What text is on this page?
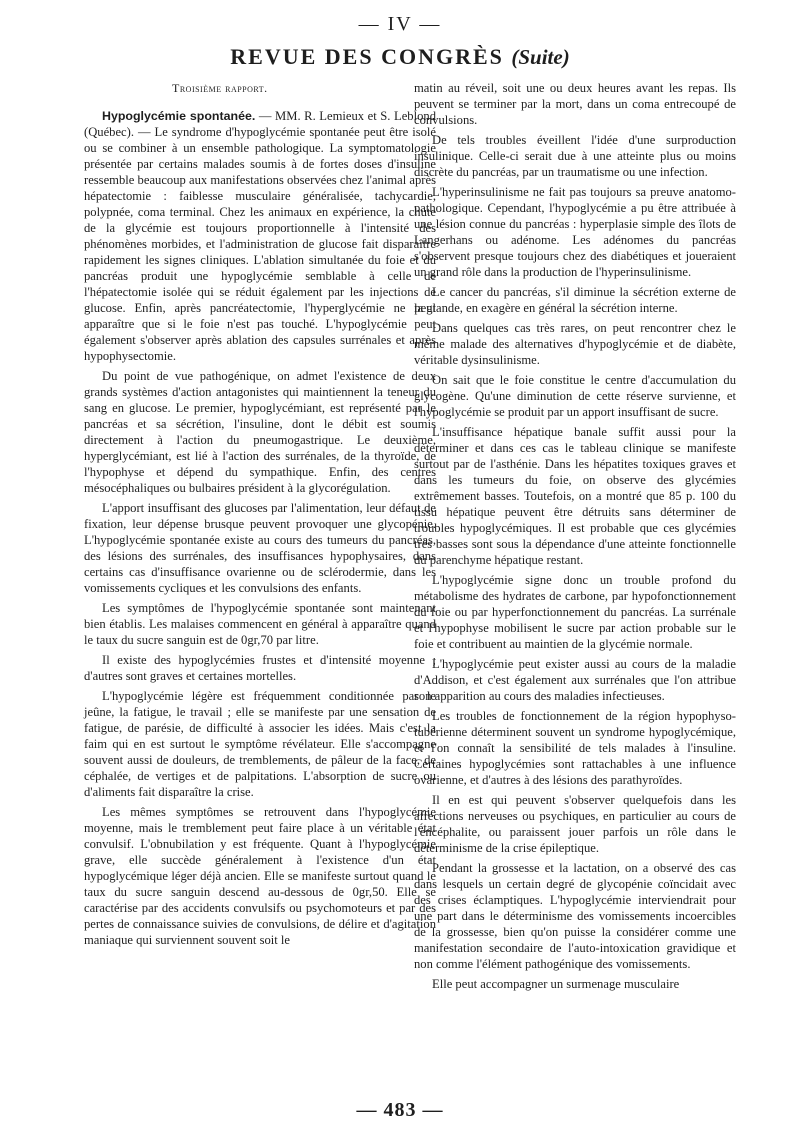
— IV —
REVUE DES CONGRÈS (Suite)

Troisième rapport.

Hypoglycémie spontanée. — MM. R. Lemieux et S. Leblond (Québec). — Le syndrome d'hypoglycémie spontanée peut être isolé ou se combiner à un ensemble pathologique. La symptomatologie présentée par certains malades soumis à de fortes doses d'insuline ressemble beaucoup aux manifestations observées chez l'animal après hépatectomie : faiblesse musculaire généralisée, tachycardie, polypnée, coma terminal. Chez les animaux en expérience, la chute de la glycémie est toujours proportionnelle à l'intensité des phénomènes morbides, et l'administration de glucose fait disparaître rapidement les signes cliniques. L'ablation simultanée du foie et du pancréas produit une hypoglycémie semblable à celle de l'hépatectomie isolée qui se réduit également par les injections de glucose. Enfin, après pancréatectomie, l'hyperglycémie ne peut apparaître que si le foie n'est pas touché. L'hypoglycémie peut également s'observer après ablation des capsules surrénales et après hypophysectomie.

Du point de vue pathogénique, on admet l'existence de deux grands systèmes d'action antagonistes qui maintiennent la teneur du sang en glucose. Le premier, hypoglycémiant, est représenté par le pancréas et sa sécrétion, l'insuline, dont le débit est soumis directement à l'action du pneumogastrique. Le deuxième, hyperglycémiant, est lié à l'action des surrénales, de la thyroïde, de l'hypophyse et dépend du sympathique. Enfin, des centres mésocéphaliques ou bulbaires président à la glycorégulation.

L'apport insuffisant des glucoses par l'alimentation, leur défaut de fixation, leur dépense brusque peuvent provoquer une glycopénie. L'hypoglycémie spontanée existe au cours des tumeurs du pancréas, des lésions des surrénales, des insuffisances hypophysaires, dans certains cas d'insuffisance ovarienne ou de sclérodermie, dans les vomissements cycliques et les convulsions des enfants.

Les symptômes de l'hypoglycémie spontanée sont maintenant bien établis. Les malaises commencent en général à apparaître quand le taux du sucre sanguin est de 0gr,70 par litre.

Il existe des hypoglycémies frustes et d'intensité moyenne ; d'autres sont graves et certaines mortelles.

L'hypoglycémie légère est fréquemment conditionnée par le jeûne, la fatigue, le travail ; elle se manifeste par une sensation de fatigue, de parésie, de difficulté à associer les idées. Mais c'est la faim qui en est surtout le symptôme révélateur. Elle s'accompagne souvent aussi de douleurs, de tremblements, de pâleur de la face, de céphalée, de vertiges et de palpitations. L'absorption de sucre ou d'aliments fait disparaître la crise.

Les mêmes symptômes se retrouvent dans l'hypoglycémie moyenne, mais le tremblement peut faire place à un véritable état convulsif. L'obnubilation y est fréquente. Quant à l'hypoglycémie grave, elle succède généralement à l'existence d'un état hypoglycémique léger déjà ancien. Elle se manifeste surtout quand le taux du sucre sanguin descend au-dessous de 0gr,50. Elle se caractérise par des accidents convulsifs ou psychomoteurs et par des pertes de connaissance suivies de convulsions, de délire et d'agitation maniaque qui surviennent souvent soit le

matin au réveil, soit une ou deux heures avant les repas. Ils peuvent se terminer par la mort, dans un coma entrecoupé de convulsions.

De tels troubles éveillent l'idée d'une surproduction insulinique. Celle-ci serait due à une atteinte plus ou moins discrète du pancréas, par un traumatisme ou une infection.

L'hyperinsulinisme ne fait pas toujours sa preuve anatomo-pathologique. Cependant, l'hypoglycémie a pu être attribuée à une lésion connue du pancréas : hyperplasie simple des îlots de Langerhans ou adénome. Les adénomes du pancréas s'observent presque toujours chez des diabétiques et joueraient un grand rôle dans la production de l'hyperinsulinisme.

Le cancer du pancréas, s'il diminue la sécrétion externe de la glande, en exagère en général la sécrétion interne.

Dans quelques cas très rares, on peut rencontrer chez le même malade des alternatives d'hypoglycémie et de diabète, véritable dysinsulinisme.

On sait que le foie constitue le centre d'accumulation du glycogène. Qu'une diminution de cette réserve survienne, et l'hypoglycémie se produit par un apport insuffisant de sucre.

L'insuffisance hépatique banale suffit aussi pour la déterminer et dans ces cas le tableau clinique se manifeste surtout par de l'asthénie. Dans les hépatites toxiques graves et dans les tumeurs du foie, on observe des glycémies extrêmement basses. Toutefois, on a montré que 85 p. 100 du tissu hépatique peuvent être détruits sans déterminer de troubles hypoglycémiques. Il est probable que ces glycémies très basses sont sous la dépendance d'une atteinte fonctionnelle du parenchyme hépatique restant.

L'hypoglycémie signe donc un trouble profond du métabolisme des hydrates de carbone, par hypofonctionnement du foie ou par hyperfonctionnement du pancréas. La surrénale et l'hypophyse mobilisent le sucre par action probable sur le foie et contribuent au maintien de la glycémie normale.

L'hypoglycémie peut exister aussi au cours de la maladie d'Addison, et c'est également aux surrénales que l'on attribue son apparition au cours des maladies infectieuses.

Les troubles de fonctionnement de la région hypophyso-tubérienne déterminent souvent un syndrome hypoglycémique, et l'on connaît la sensibilité de tels malades à l'insuline. Certaines hypoglycémies sont rattachables à une influence ovarienne, et d'autres à des lésions des parathyroïdes.

Il en est qui peuvent s'observer quelquefois dans les affections nerveuses ou psychiques, en particulier au cours de l'encéphalite, ou paraissent jouer parfois un rôle dans le déterminisme de la crise épileptique.

Pendant la grossesse et la lactation, on a observé des cas dans lesquels un certain degré de glycopénie coïncidait avec des crises éclamptiques. L'hypoglycémie interviendrait pour une part dans le déterminisme des vomissements incoercibles de la grossesse, bien qu'on puisse la considérer comme une manifestation secondaire de l'auto-intoxication gravidique et non comme l'élément pathogénique des vomissements.

Elle peut accompagner un surmenage musculaire

— 483 —
